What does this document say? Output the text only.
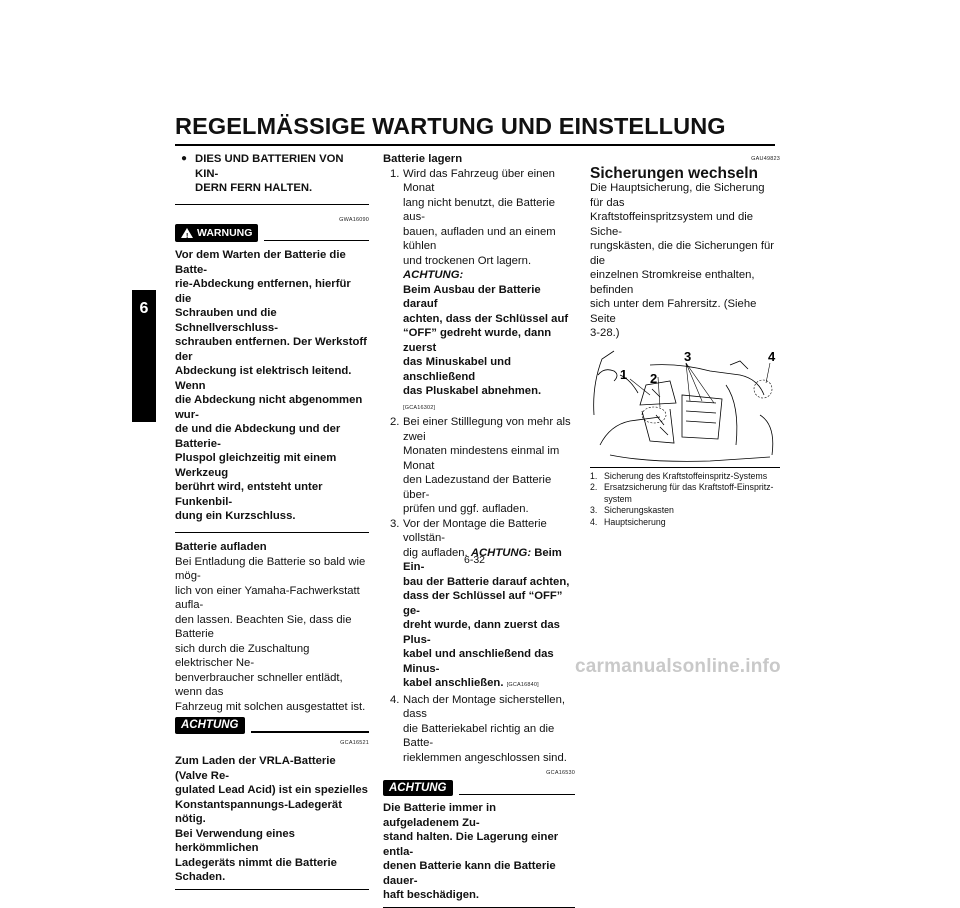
REGELMÄSSIGE WARTUNG UND EINSTELLUNG
6
● DIES UND BATTERIEN VON KIN-
DERN FERN HALTEN.
GWA16090
! WARNUNG

Vor dem Warten der Batterie die Batte-
rie-Abdeckung entfernen, hierfür die
Schrauben und die Schnellverschluss-
schrauben entfernen. Der Werkstoff der
Abdeckung ist elektrisch leitend. Wenn
die Abdeckung nicht abgenommen wur-
de und die Abdeckung und der Batterie-
Pluspol gleichzeitig mit einem Werkzeug
berührt wird, entsteht unter Funkenbil-
dung ein Kurzschluss.

Batterie aufladen

Bei Entladung die Batterie so bald wie mög-
lich von einer Yamaha-Fachwerkstatt aufla-
den lassen. Beachten Sie, dass die Batterie
sich durch die Zuschaltung elektrischer Ne-
benverbraucher schneller entlädt, wenn das
Fahrzeug mit solchen ausgestattet ist.

ACHTUNG
GCA16521

Zum Laden der VRLA-Batterie (Valve Re-
gulated Lead Acid) ist ein spezielles
Konstantspannungs-Ladegerät nötig.
Bei Verwendung eines herkömmlichen
Ladegeräts nimmt die Batterie Schaden.

Batterie lagern

1. Wird das Fahrzeug über einen Monat
lang nicht benutzt, die Batterie aus-
bauen, aufladen und an einem kühlen
und trockenen Ort lagern. ACHTUNG:
Beim Ausbau der Batterie darauf
achten, dass der Schlüssel auf
“OFF” gedreht wurde, dann zuerst
das Minuskabel und anschließend
das Pluskabel abnehmen. [GCA16302]
2. Bei einer Stilllegung von mehr als zwei
Monaten mindestens einmal im Monat
den Ladezustand der Batterie über-
prüfen und ggf. aufladen.
3. Vor der Montage die Batterie vollstän-
dig aufladen. ACHTUNG: Beim Ein-
bau der Batterie darauf achten,
dass der Schlüssel auf “OFF” ge-
dreht wurde, dann zuerst das Plus-
kabel und anschließend das Minus-
kabel anschließen. [GCA16840]
4. Nach der Montage sicherstellen, dass
die Batteriekabel richtig an die Batte-
rieklemmen angeschlossen sind.
GCA16530
ACHTUNG

Die Batterie immer in aufgeladenem Zu-
stand halten. Die Lagerung einer entla-
denen Batterie kann die Batterie dauer-
haft beschädigen.

GAU49823

Sicherungen wechseln

Die Hauptsicherung, die Sicherung für das
Kraftstoffeinspritzsystem und die Siche-
rungskästen, die die Sicherungen für die
einzelnen Stromkreise enthalten, befinden
sich unter dem Fahrersitz. (Siehe Seite
3-28.)

1 2
3	4
1. Sicherung des Kraftstoffeinspritz-Systems
2. Ersatzsicherung für das Kraftstoff-Einspritz-
system
3. Sicherungskasten
4. Hauptsicherung
6-32
carmanualsonline.info
